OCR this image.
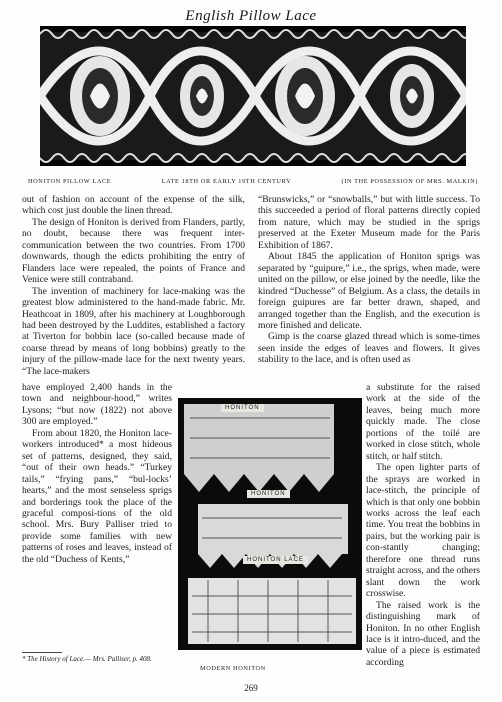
English Pillow Lace
HONITON PILLOW LACE	LATE 18TH OR EARLY 19TH CENTURY	(IN THE POSSESSION OF MRS. MALKIN)

out of fashion on account of the expense of the silk, which cost just double the linen thread.

The design of Honiton is derived from Flanders, partly, no doubt, because there was frequent inter-communication between the two countries. From 1700 downwards, though the edicts prohibiting the entry of Flanders lace were repealed, the points of France and Venice were still contraband.

The invention of machinery for lace-making was the greatest blow administered to the hand-made fabric. Mr. Heathcoat in 1809, after his machinery at Loughborough had been destroyed by the Luddites, established a factory at Tiverton for bobbin lace (so-called because made of coarse thread by means of long bobbins) greatly to the injury of the pillow-made lace for the next twenty years. “The lace-makers

“Brunswicks,” or “snowballs,” but with little success. To this succeeded a period of floral patterns directly copied from nature, which may be studied in the sprigs preserved at the Exeter Museum made for the Paris Exhibition of 1867.

About 1845 the application of Honiton sprigs was separated by “guipure,” i.e., the sprigs, when made, were united on the pillow, or else joined by the needle, like the kindred “Duchesse” of Belgium. As a class, the details in foreign guipures are far better drawn, shaped, and arranged together than the English, and the execution is more finished and delicate.

Gimp is the coarse glazed thread which is some-times seen inside the edges of leaves and flowers. It gives stability to the lace, and is often used as

have employed 2,400 hands in the town and neighbour-hood,” writes Lysons; “but now (1822) not above 300 are employed.”

From about 1820, the Honiton lace-workers introduced* a most hideous set of patterns, designed, they said, “out of their own heads.” “Turkey tails,” “frying pans,” “bul-locks’ hearts,” and the most senseless sprigs and borderings took the place of the graceful composi-tions of the old school. Mrs. Bury Palliser tried to provide some families with new patterns of roses and leaves, instead of the old “Duchess of Kents,”

a substitute for the raised work at the side of the leaves, being much more quickly made. The close portions of the toilé are worked in close stitch, whole stitch, or half stitch.

The open lighter parts of the sprays are worked in lace-stitch, the principle of which is that only one bobbin works across the leaf each time. You treat the bobbins in pairs, but the working pair is con-stantly changing; therefore one thread runs straight across, and the others slant down the work crosswise.

The raised work is the distinguishing mark of Honiton. In no other English lace is it intro-duced, and the value of a piece is estimated according

HONITON
HONITON
HONITON LACE
MODERN HONITON
* The History of Lace.— Mrs. Palliser, p. 408.
269
